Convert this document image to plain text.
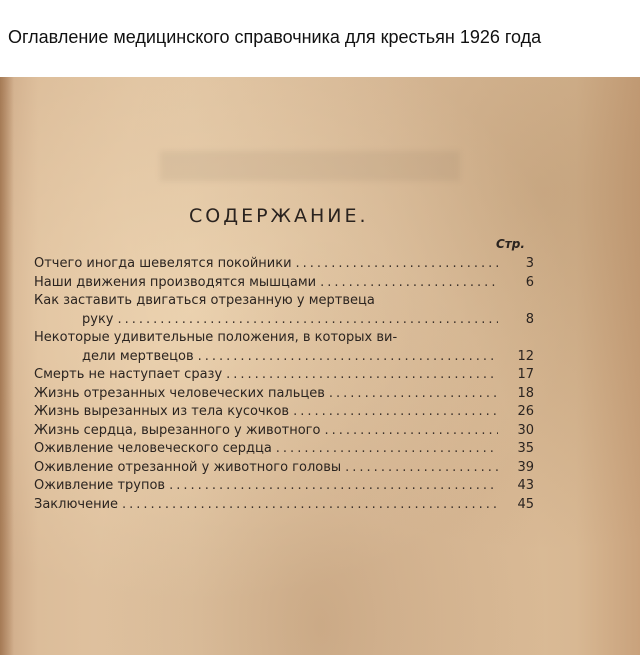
Оглавление медицинского справочника для крестьян 1926 года
СОДЕРЖАНИЕ.
Стр.
Отчего иногда шевелятся покойники .....	3
Наши движения производятся мышцами .....	6
Как заставить двигаться отрезанную у мертвеца
руку .....	8
Некоторые удивительные положения, в которых ви-
дели мертвецов .....	12
Смерть не наступает сразу .....	17
Жизнь отрезанных человеческих пальцев .....	18
Жизнь вырезанных из тела кусочков .....	26
Жизнь сердца, вырезанного у животного .....	30
Оживление человеческого сердца .....	35
Оживление отрезанной у животного головы .....	39
Оживление трупов .....	43
Заключение .....	45
